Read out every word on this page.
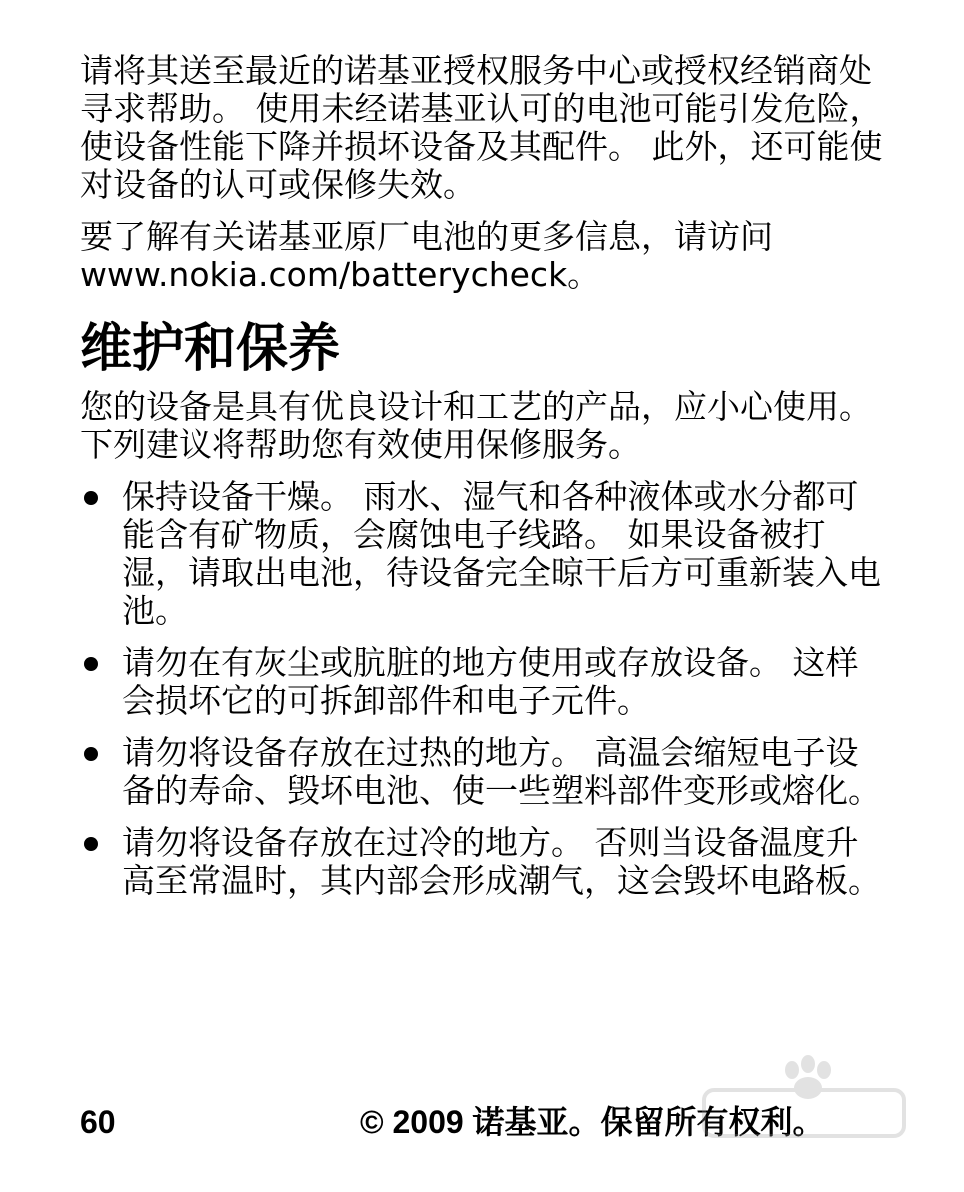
请将其送至最近的诺基亚授权服务中心或授权经销商处寻求帮助。 使用未经诺基亚认可的电池可能引发危险，使设备性能下降并损坏设备及其配件。 此外，还可能使对设备的认可或保修失效。

要了解有关诺基亚原厂电池的更多信息，请访问
www.nokia.com/batterycheck。

维护和保养

您的设备是具有优良设计和工艺的产品，应小心使用。 下列建议将帮助您有效使用保修服务。

保持设备干燥。 雨水、湿气和各种液体或水分都可能含有矿物质，会腐蚀电子线路。 如果设备被打湿，请取出电池，待设备完全晾干后方可重新装入电池。
请勿在有灰尘或肮脏的地方使用或存放设备。 这样会损坏它的可拆卸部件和电子元件。
请勿将设备存放在过热的地方。 高温会缩短电子设备的寿命、毁坏电池、使一些塑料部件变形或熔化。
请勿将设备存放在过冷的地方。 否则当设备温度升高至常温时，其内部会形成潮气，这会毁坏电路板。
60	© 2009 诺基亚。保留所有权利。
